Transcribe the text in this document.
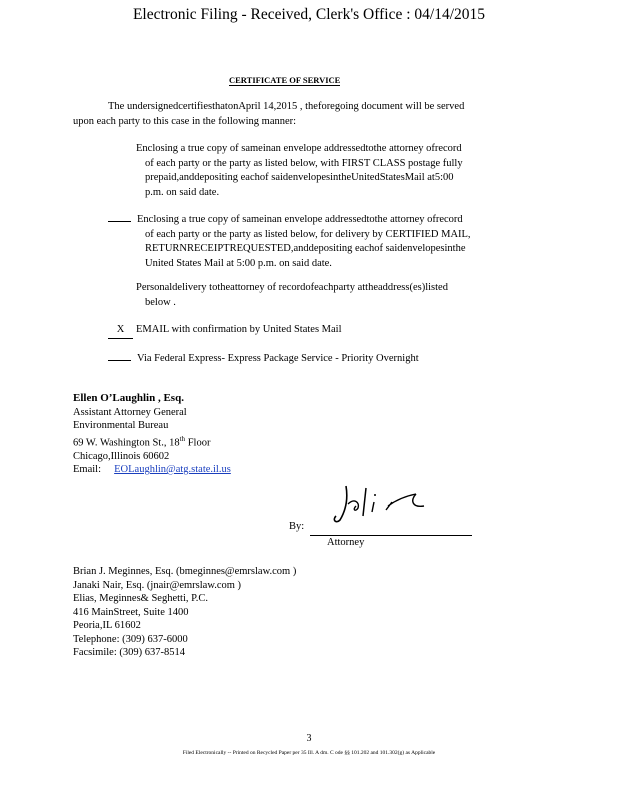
Electronic Filing - Received, Clerk's Office : 04/14/2015
CERTIFICATE OF SERVICE
The undersignedcertifiesthatonApril 14,2015 , theforegoing document will be served
upon each party to this case in the following manner:
Enclosing a true copy of sameinan envelope addressedtothe attorney ofrecord
of each party or the party as listed below, with FIRST CLASS postage fully
prepaid,anddepositing eachof saidenvelopesintheUnitedStatesMail at5:00
p.m. on said date.
Enclosing a true copy of sameinan envelope addressedtothe attorney ofrecord
of each party or the party as listed below, for delivery by CERTIFIED MAIL,
RETURNRECEIPTREQUESTED,anddepositing eachof saidenvelopesinthe
United States Mail at 5:00 p.m. on said date.
Personaldelivery totheattorney of recordofeachparty attheaddress(es)listed
below .
X EMAIL with confirmation by United States Mail
Via Federal Express- Express Package Service - Priority Overnight
Ellen O’Laughlin , Esq.
Assistant Attorney General
Environmental Bureau
69 W. Washington St., 18th Floor
Chicago,Illinois 60602
Email: EOLaughlin@atg.state.il.us
By:
Attorney
Brian J. Meginnes, Esq. (bmeginnes@emrslaw.com )
Janaki Nair, Esq. (jnair@emrslaw.com )
Elias, Meginnes& Seghetti, P.C.
416 MainStreet, Suite 1400
Peoria,IL 61602
Telephone: (309) 637-6000
Facsimile: (309) 637-8514
3
Filed Electronically -- Printed on Recycled Paper per 35 Ill. A dm. C ode §§ 101.202 and 101.302(g) as Applicable
